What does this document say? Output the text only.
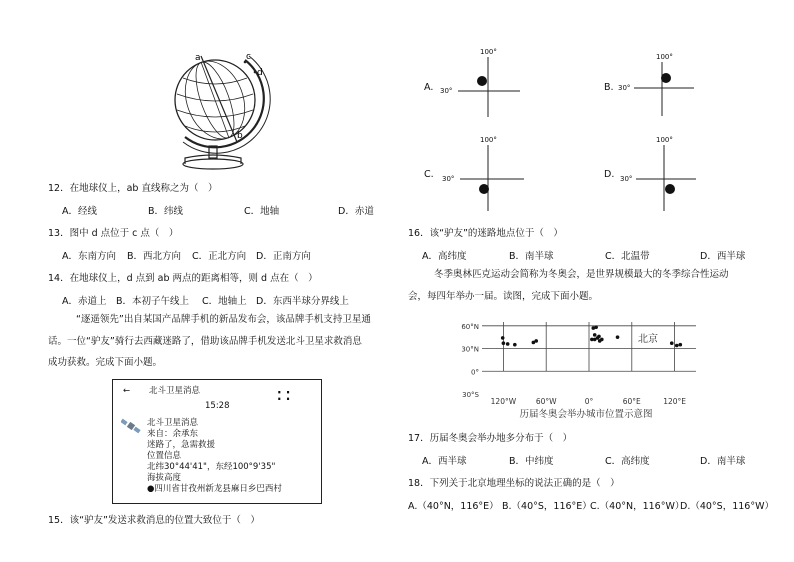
a	c
d
b
12．在地球仪上，ab 直线称之为（　）
A．经线	B．纬线	C．地轴	D．赤道
13．图中 d 点位于 c 点（　）
A．东南方向 B．西北方向 C．正北方向 D．正南方向
14．在地球仪上，d 点到 ab 两点的距离相等，则 d 点在（　）
A．赤道上 B．本初子午线上 C．地轴上 D．东西半球分界线上
“逐遥领先”出自某国产品牌手机的新品发布会，该品牌手机支持卫星通
话。一位“驴友”骑行去西藏迷路了，借助该品牌手机发送北斗卫星求救消息
成功获救。完成下面小题。
← 北斗卫星消息
15:28
⁚ ⁚
北斗卫星消息
来自：余承东
迷路了，急需救援
位置信息
北纬30°44'41"，东经100°9'35"
海拔高度
●四川省甘孜州新龙县麻日乡巴西村
15．该“驴友”发送求救消息的位置大致位于（　）
A.
100°
30°	B.
100°
30°
C.
100°
30°	D.
100°
30°
16．该“驴友”的迷路地点位于（　）
A．高纬度	B．南半球	C．北温带	D．西半球
冬季奥林匹克运动会简称为冬奥会，是世界规模最大的冬季综合性运动
会，每四年举办一届。读图，完成下面小题。
60°N
30°N
0°
30°S
120°W	60°W	0°	60°E	120°E
北京
历届冬奥会举办城市位置示意图
17．历届冬奥会举办地多分布于（　）
A．西半球	B．中纬度	C．高纬度	D．南半球
18．下列关于北京地理坐标的说法正确的是（　）
A.（40°N，116°E） B.（40°S，116°E）
C.（40°N，116°W）
D.（40°S，116°W）
